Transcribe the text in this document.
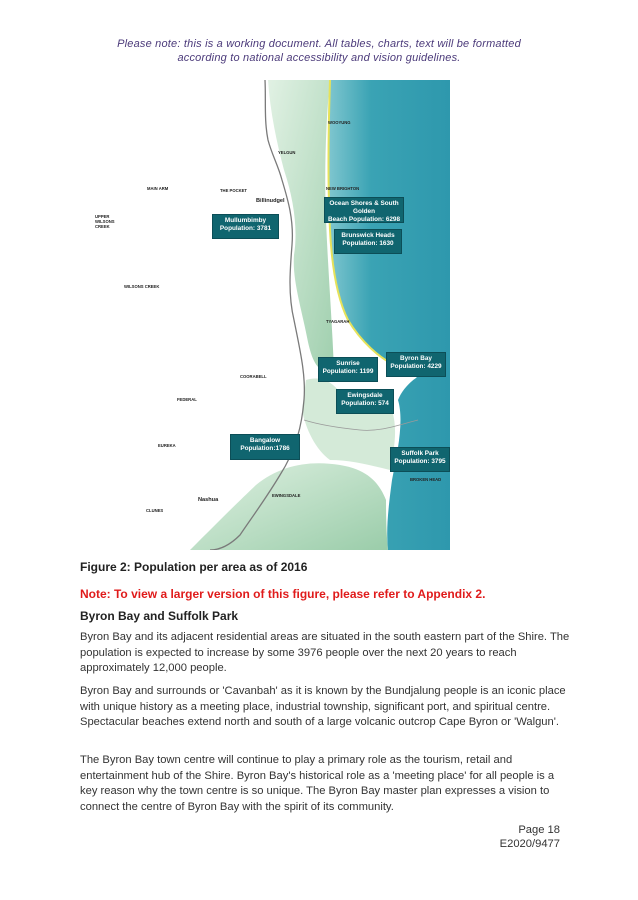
Please note: this is a working document. All tables, charts, text will be formatted
according to national accessibility and vision guidelines.
WOOYUNG
YELGUN
MAIN ARM	THE POCKET
Billinudgel
NEW BRIGHTON
UPPER
WILSONS
CREEK
WILSONS CREEK
TYAGARAH
COORABELL
FEDERAL
EUREKA
Nashua
EWINGSDALE
CLUNES
BROKEN HEAD
Ocean Shores & South Golden
Beach Population: 6298
Mullumbimby
Population: 3781
Brunswick Heads
Population: 1630
Sunrise
Population: 1199
Byron Bay
Population: 4229
Ewingsdale
Population: 574
Bangalow
Population:1786
Suffolk Park
Population: 3795
Figure 2: Population per area as of 2016
Note: To view a larger version of this figure, please refer to Appendix 2.
Byron Bay and Suffolk Park

Byron Bay and its adjacent residential areas are situated in the south eastern part of the Shire. The population is expected to increase by some 3976 people over the next 20 years to reach approximately 12,000 people.

Byron Bay and surrounds or 'Cavanbah' as it is known by the Bundjalung people is an iconic place with unique history as a meeting place, industrial township, significant port, and spiritual centre. Spectacular beaches extend north and south of a large volcanic outcrop Cape Byron or 'Walgun'.

The Byron Bay town centre will continue to play a primary role as the tourism, retail and entertainment hub of the Shire. Byron Bay's historical role as a 'meeting place' for all people is a key reason why the town centre is so unique. The Byron Bay master plan expresses a vision to connect the centre of Byron Bay with the spirit of its community.

Page 18
E2020/9477
